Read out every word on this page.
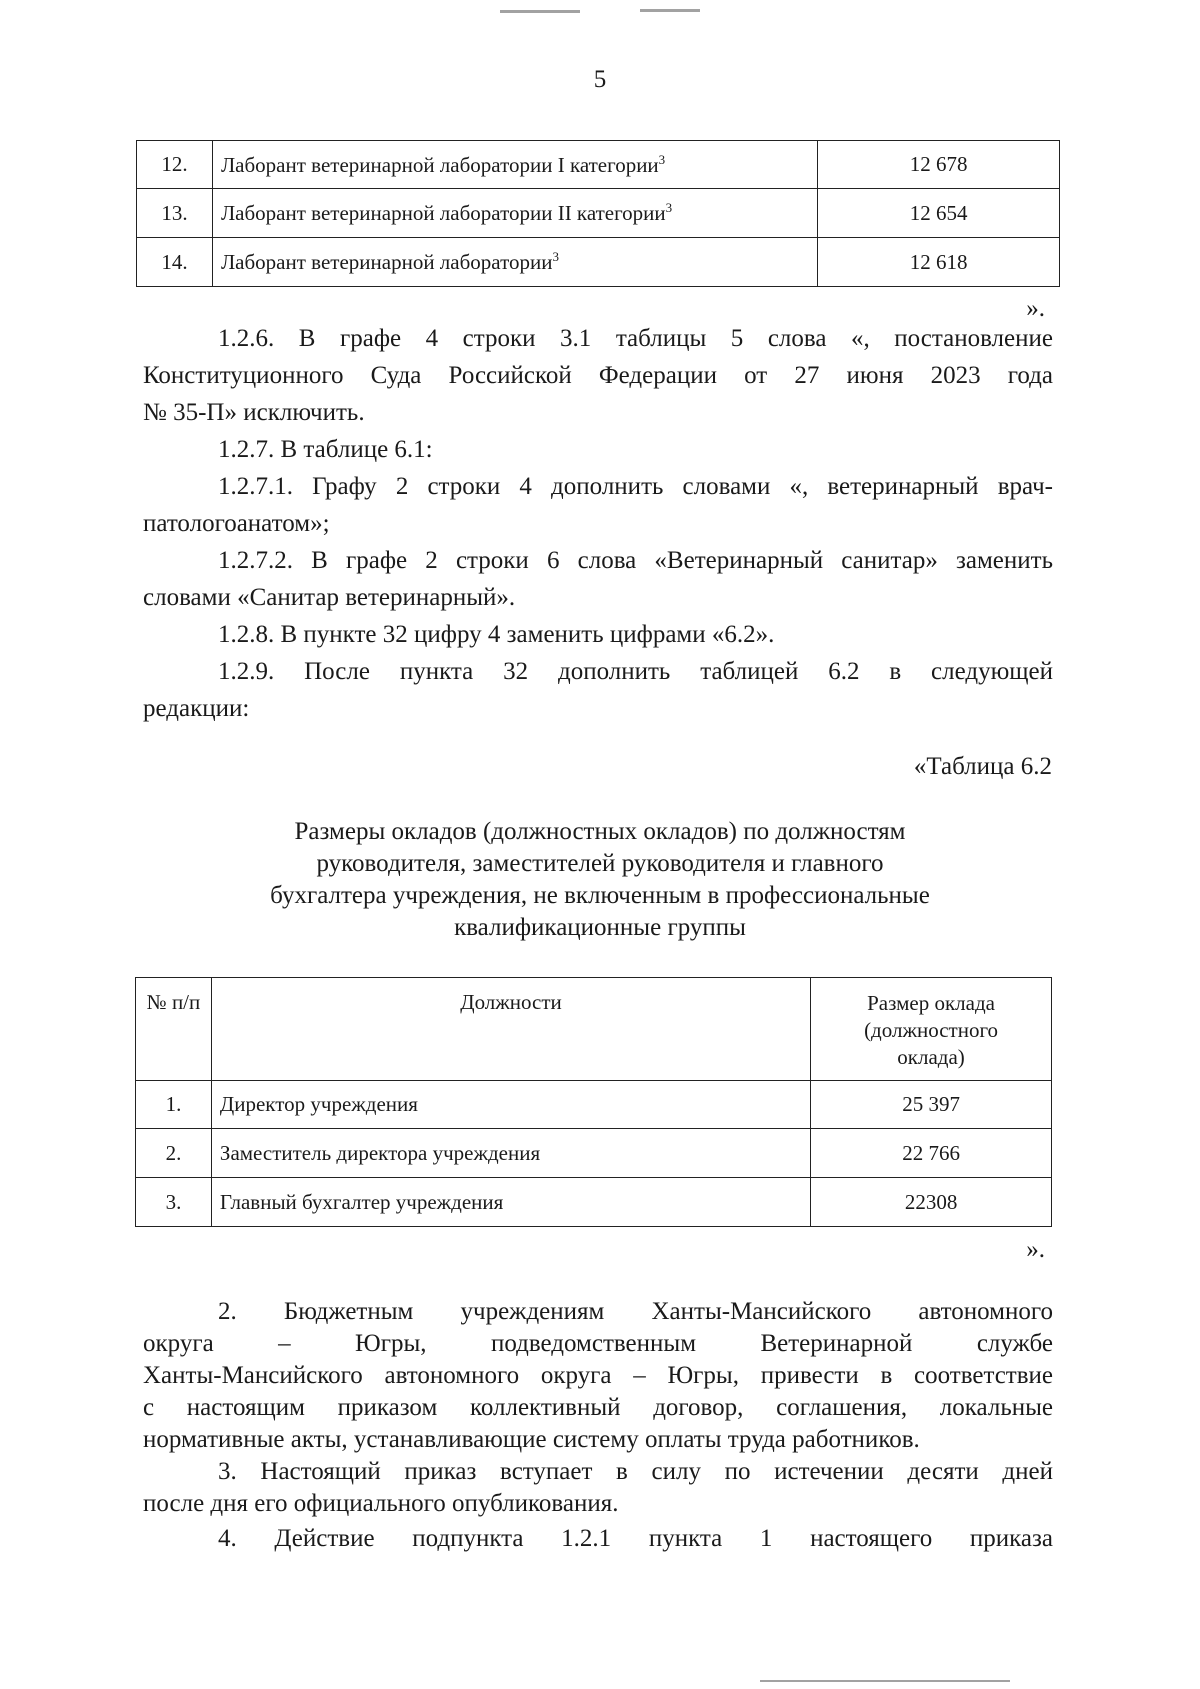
5
12.	Лаборант ветеринарной лаборатории I категории$^3$	12 678
13.	Лаборант ветеринарной лаборатории II категории$^3$	12 654
14.	Лаборант ветеринарной лаборатории$^3$	12 618
».

1.2.6. В графе 4 строки 3.1 таблицы 5 слова «, постановление

Конституционного Суда Российской Федерации от 27 июня 2023 года

№ 35-П» исключить.

1.2.7. В таблице 6.1:

1.2.7.1. Графу 2 строки 4 дополнить словами «, ветеринарный врач-

патологоанатом»;

1.2.7.2. В графе 2 строки 6 слова «Ветеринарный санитар» заменить

словами «Санитар ветеринарный».

1.2.8. В пункте 32 цифру 4 заменить цифрами «6.2».

1.2.9. После пункта 32 дополнить таблицей 6.2 в следующей

редакции:

«Таблица 6.2
Размеры окладов (должностных окладов) по должностям
руководителя, заместителей руководителя и главного
бухгалтера учреждения, не включенным в профессиональные
квалификационные группы
№ п/п	Должности	Размер оклада
(должностного
оклада)

1.	Директор учреждения	25 397
2.	Заместитель директора учреждения	22 766
3.	Главный бухгалтер учреждения	22308
».

2. Бюджетным учреждениям Ханты-Мансийского автономного

округа – Югры, подведомственным Ветеринарной службе

Ханты-Мансийского автономного округа – Югры, привести в соответствие

с настоящим приказом коллективный договор, соглашения, локальные

нормативные акты, устанавливающие систему оплаты труда работников.

3. Настоящий приказ вступает в силу по истечении десяти дней

после дня его официального опубликования.

4. Действие подпункта 1.2.1 пункта 1 настоящего приказа
